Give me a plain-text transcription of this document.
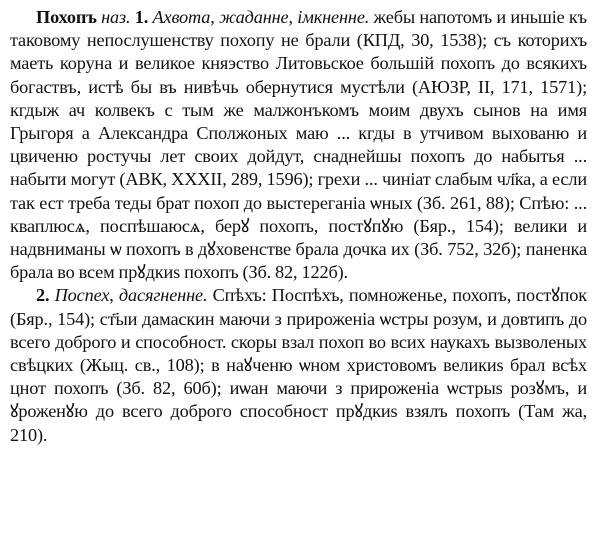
Похопъ наз. 1. Ахвота, жаданне, імкненне. жебы напотомъ и иньшіе къ таковому непослушенству похопу не брали (КПД, 30, 1538); съ которихъ маеть коруна и великое княэство Литовьское большій похопъ до всякихъ богаствъ, истѣ бы въ нивѣчь обернутися мустѣли (АЮЗР, II, 171, 1571); кгдыж ач колвекъ с тым же малжонъкомъ моим двухъ сынов на имя Грыгоря а Александра Сполжоных маю ... кгды в утчивом выхованю и цвиченю ростучы лет своих дойдут, снаднейшы похопъ до набытья ... набыти могут (АВК, XXXII, 289, 1596); грехи ... чиніат слабым чл҃ка, а если так ест треба теды брат похоп до выстереганіа ѡных (Зб. 261, 88); Спѣю: ... кваплюсѧ, поспѣшаюсѧ, берꙋ похопъ, постꙋпꙋю (Бяр., 154); велики и надвниманы ѡ похопъ в дꙋховенстве брала дочка их (Зб. 752, 32б); паненка брала во всем прꙋдкиѕ похопъ (Зб. 82, 122б).

2. Поспех, дасягненне. Спѣхъ: Поспѣхъ, помноженье, похопъ, постꙋпок (Бяр., 154); ст҃ыи дамаскин маючи з прироженіа ѡстры розум, и довтипъ до всего доброго и способност. скоры взал похоп во всих наукахъ вызволеных свѣцких (Жыц. св., 108); в наꙋченю ѡном христовомъ великиѕ брал всѣх цнот похопъ (Зб. 82, 60б); иѡан маючи з прироженіа ѡстрыѕ розꙋмъ, и ꙋроженꙋю до всего доброго способност прꙋдкиѕ взялъ похопъ (Там жа, 210).
